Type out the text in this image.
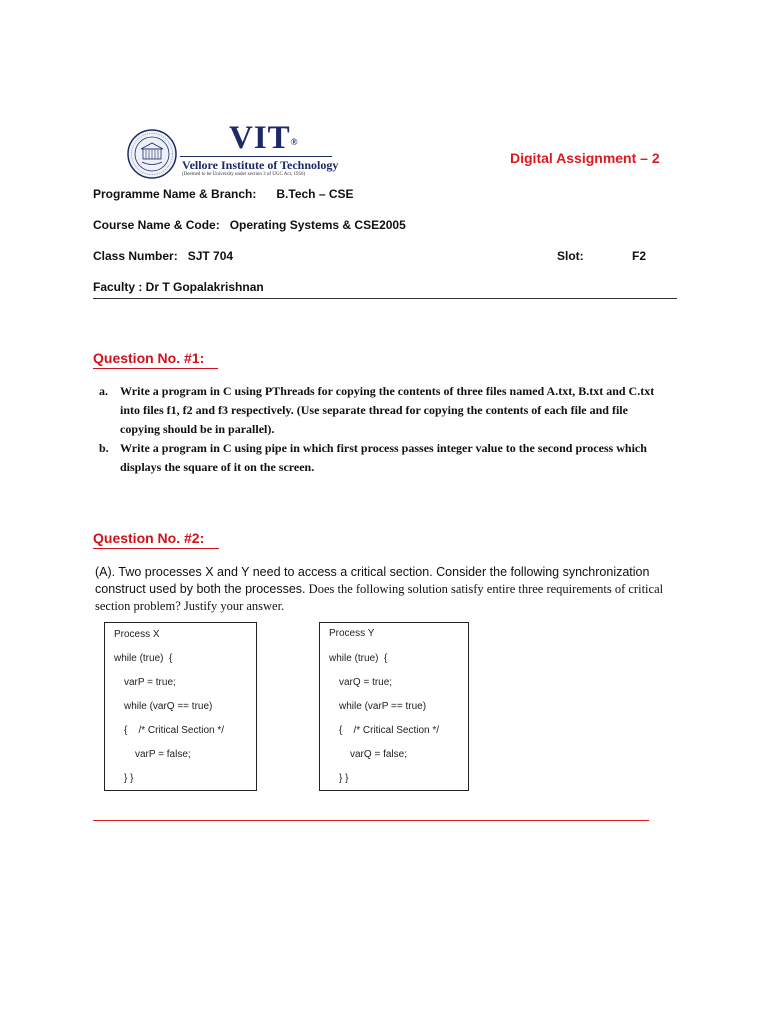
VIT®
Vellore Institute of Technology
(Deemed to be University under section 3 of UGC Act, 1956)
Digital Assignment – 2
Programme Name & Branch:      B.Tech – CSE
Course Name & Code:   Operating Systems & CSE2005
Class Number:   SJT 704	Slot:	F2
Faculty : Dr T Gopalakrishnan
Question No. #1:
a.	Write a program in C using PThreads for copying the contents of three files named A.txt, B.txt and C.txt into files f1, f2 and f3 respectively. (Use separate thread for copying the contents of each file and file copying should be in parallel).
b. Write a program in C using pipe in which first process passes integer value to the second process which displays the square of it on the screen.
Question No. #2:
(A). Two processes X and Y need to access a critical section. Consider the following synchronization construct used by both the processes. Does the following solution satisfy entire three requirements of critical section problem? Justify your answer.
Process X
while (true)  {
varP = true;
while (varQ == true)
{    /* Critical Section */
varP = false;
} }
Process Y
while (true)  {
varQ = true;
while (varP == true)
{    /* Critical Section */
varQ = false;
} }
